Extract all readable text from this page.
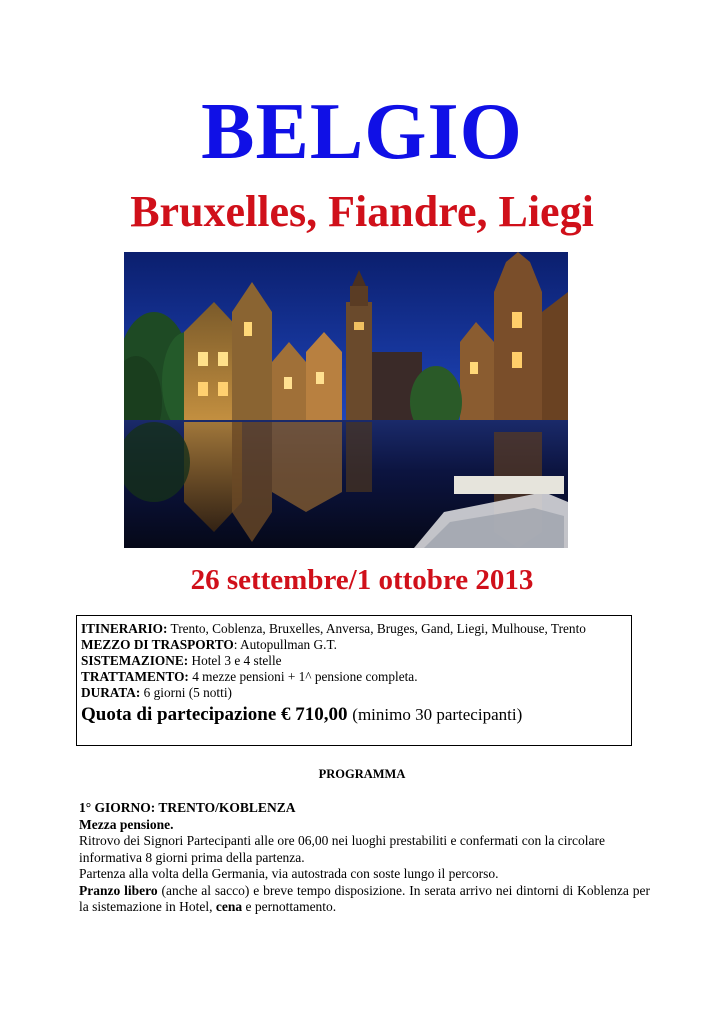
BELGIO
Bruxelles, Fiandre, Liegi
26 settembre/1 ottobre 2013
ITINERARIO: Trento, Coblenza, Bruxelles, Anversa, Bruges, Gand, Liegi, Mulhouse, Trento
MEZZO DI TRASPORTO: Autopullman G.T.
SISTEMAZIONE: Hotel 3 e 4 stelle
TRATTAMENTO: 4 mezze pensioni + 1^ pensione completa.
DURATA: 6 giorni (5 notti)
Quota di partecipazione € 710,00 (minimo 30 partecipanti)
PROGRAMMA

1° GIORNO: TRENTO/KOBLENZA

Mezza pensione.

Ritrovo dei Signori Partecipanti alle ore 06,00 nei luoghi prestabiliti e confermati con la circolare informativa 8 giorni prima della partenza.

Partenza alla volta della Germania, via autostrada con soste lungo il percorso.

Pranzo libero (anche al sacco) e breve tempo disposizione. In serata arrivo nei dintorni di Koblenza per la sistemazione in Hotel, cena e pernottamento.
